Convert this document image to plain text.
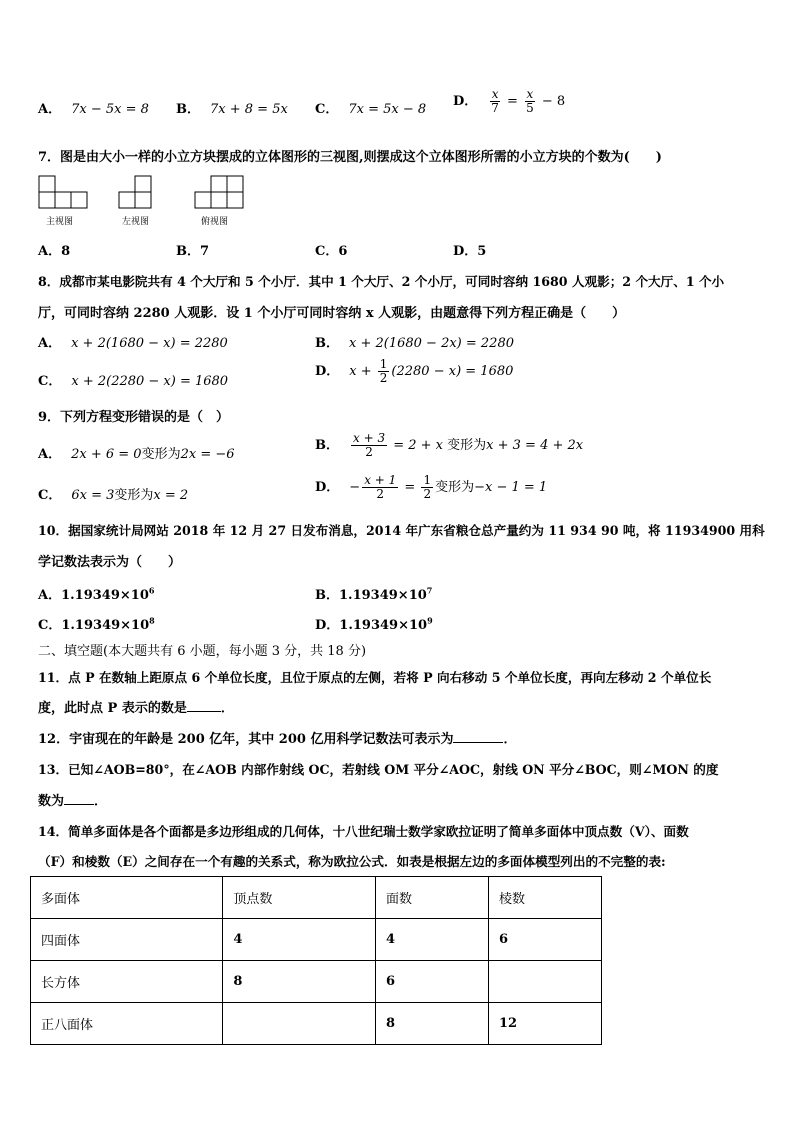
A． 7x − 5x = 8 B． 7x + 8 = 5x C． 7x = 5x − 8
D． $\frac{x}{7} = \frac{x}{5} - 8$
7．图是由大小一样的小立方块摆成的立体图形的三视图,则摆成这个立体图形所需的小立方块的个数为(　　)
主视图	左视图	俯视图
A．8	B．7	C．6	D．5
8．成都市某电影院共有 4 个大厅和 5 个小厅．其中 1 个大厅、2 个小厅，可同时容纳 1680 人观影；2 个大厅、1 个小
厅，可同时容纳 2280 人观影．设 1 个小厅可同时容纳 x 人观影，由题意得下列方程正确是（　　）
A． x + 2(1680 − x) = 2280	B． x + 2(1680 − 2x) = 2280
C． x + 2(2280 − x) = 1680
D． $x + \frac{1}{2} (2280 - x) = 1680$
9．下列方程变形错误的是（　）
A． 2x + 6 = 0变形为2x = −6
B． $\frac{x + 3}{2} = 2 + x$ 变形为x + 3 = 4 + 2x
C． 6x = 3变形为x = 2
D． − $\frac{x + 1}{2} = \frac{1}{2}$ 变形为−x − 1 = 1
10．据国家统计局网站 2018 年 12 月 27 日发布消息，2014 年广东省粮仓总产量约为 11 934 90 吨，将 11934900 用科
学记数法表示为（　　）
A．$1.19349\times 10^6$	B．$1.19349\times 10^7$
C．$1.19349\times 10^8$	D．$1.19349\times 10^9$
二、填空题(本大题共有 6 小题，每小题 3 分，共 18 分)
11．点 P 在数轴上距原点 6 个单位长度，且位于原点的左侧，若将 P 向右移动 5 个单位长度，再向左移动 2 个单位长
度，此时点 P 表示的数是	．
12．宇宙现在的年龄是 200 亿年，其中 200 亿用科学记数法可表示为	．
13．已知∠AOB=80°，在∠AOB 内部作射线 OC，若射线 OM 平分∠AOC，射线 ON 平分∠BOC，则∠MON 的度
数为 ．
14．简单多面体是各个面都是多边形组成的几何体，十八世纪瑞士数学家欧拉证明了简单多面体中顶点数（V）、面数
（F）和棱数（E）之间存在一个有趣的关系式，称为欧拉公式．如表是根据左边的多面体模型列出的不完整的表:
多面体	顶点数	面数	棱数
四面体	4	4	6
长方体	8	6	
正八面体		8	12
